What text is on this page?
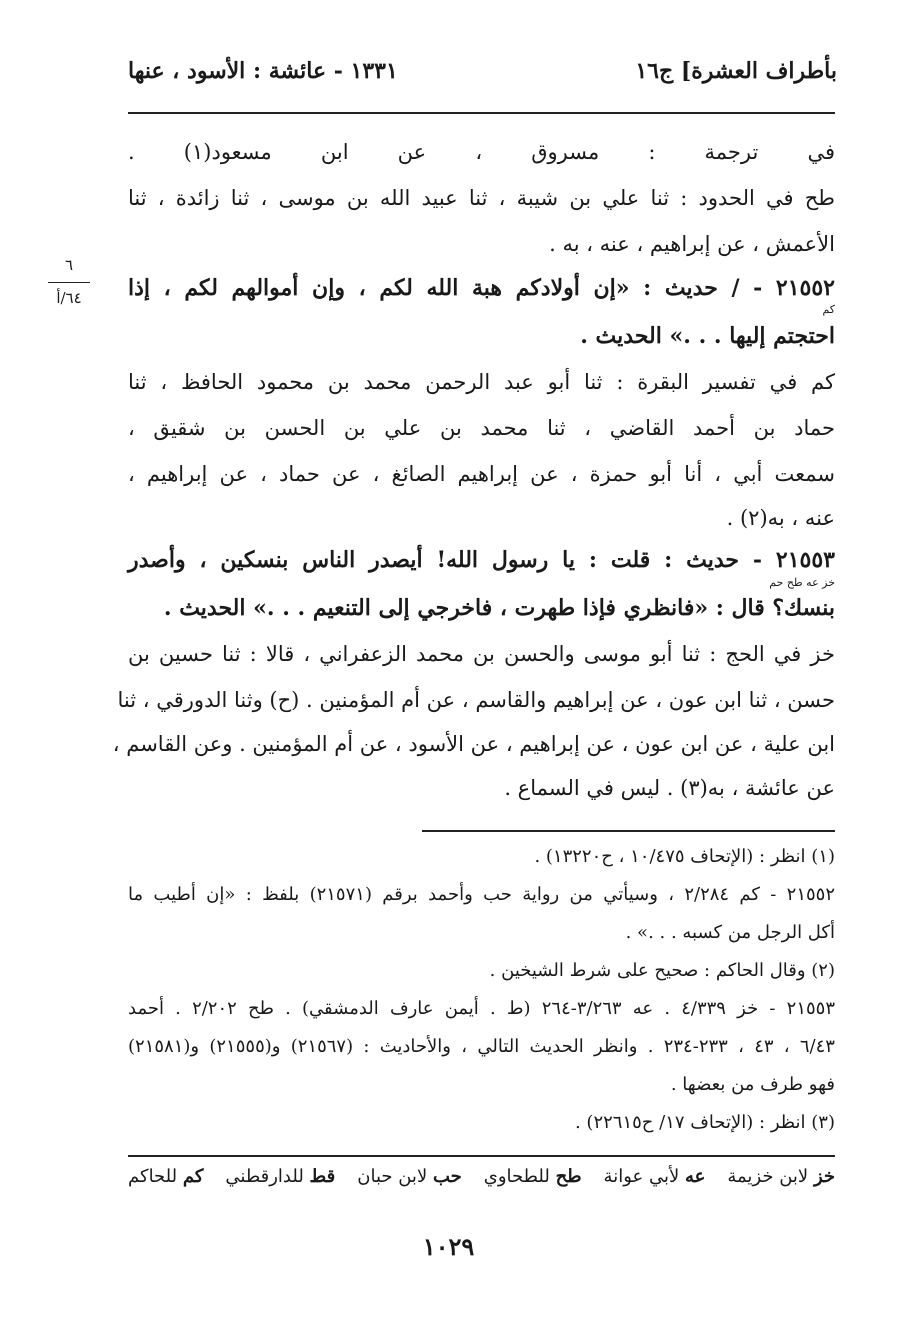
بأطراف العشرة] ج١٦
١٣٣١ - عائشة : الأسود ، عنها
٦
٦٤/أ
في ترجمة : مسروق ، عن ابن مسعود(١) .
طح في الحدود : ثنا علي بن شيبة ، ثنا عبيد الله بن موسى ، ثنا زائدة ، ثنا
الأعمش ، عن إبراهيم ، عنه ، به .
٢١٥٥٢ - / حديث : «إن أولادكم هبة الله لكم ، وإن أموالهم لكم ، إذا
كم
احتجتم إليها . . .» الحديث .
كم في تفسير البقرة : ثنا أبو عبد الرحمن محمد بن محمود الحافظ ، ثنا
حماد بن أحمد القاضي ، ثنا محمد بن علي بن الحسن بن شقيق ،
سمعت أبي ، أنا أبو حمزة ، عن إبراهيم الصائغ ، عن حماد ، عن إبراهيم ،
عنه ، به(٢) .
٢١٥٥٣ - حديث : قلت : يا رسول الله! أيصدر الناس بنسكين ، وأصدر
خز عه طح حم
بنسك؟ قال : «فانظري فإذا طهرت ، فاخرجي إلى التنعيم . . .» الحديث .
خز في الحج : ثنا أبو موسى والحسن بن محمد الزعفراني ، قالا : ثنا حسين بن
حسن ، ثنا ابن عون ، عن إبراهيم والقاسم ، عن أم المؤمنين . (ح) وثنا الدورقي ، ثنا
ابن علية ، عن ابن عون ، عن إبراهيم ، عن الأسود ، عن أم المؤمنين . وعن القاسم ،
عن عائشة ، به(٣) . ليس في السماع .
(١) انظر : (الإتحاف ١٠/٤٧٥ ، ح١٣٢٢٠) .
٢١٥٥٢ - كم ٢/٢٨٤ ، وسيأتي من رواية حب وأحمد برقم (٢١٥٧١) بلفظ : «إن أطيب ما
أكل الرجل من كسبه . . .» .
(٢) وقال الحاكم : صحيح على شرط الشيخين .
٢١٥٥٣ - خز ٤/٣٣٩ . عه ٣/٢٦٣-٢٦٤ (ط . أيمن عارف الدمشقي) . طح ٢/٢٠٢ . أحمد
٦/٤٣ ، ٤٣ ، ٢٣٣-٢٣٤ . وانظر الحديث التالي ، والأحاديث : (٢١٥٦٧) و(٢١٥٥٥) و(٢١٥٨١)
فهو طرف من بعضها .
(٣) انظر : (الإتحاف ١٧/ ح٢٢٦١٥) .
خز لابن خزيمة
عه لأبي عوانة
طح للطحاوي
حب لابن حبان
قط للدارقطني
كم للحاكم
١٠٢٩
